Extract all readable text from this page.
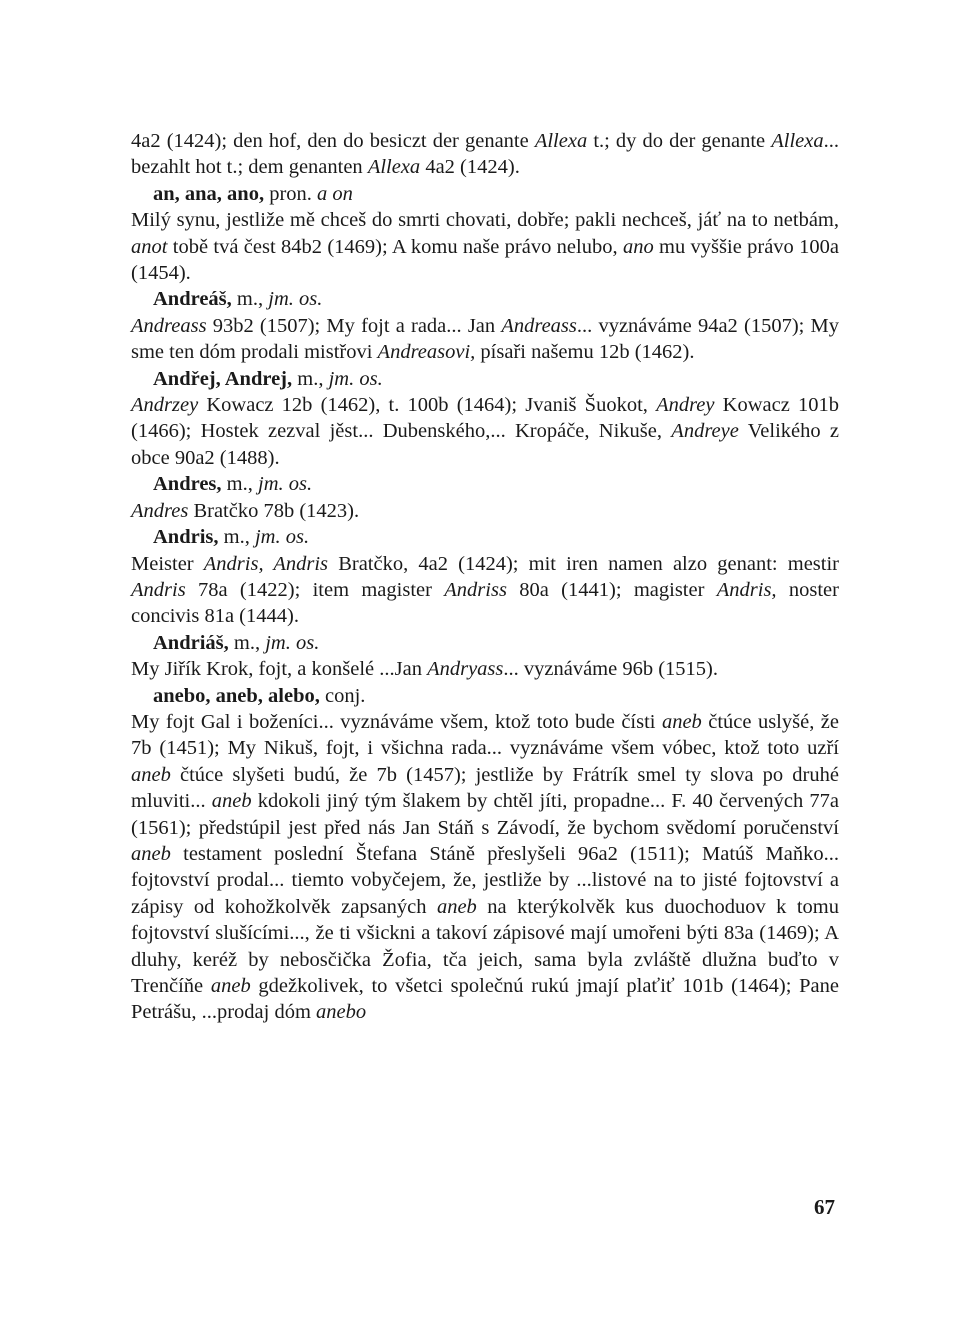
4a2 (1424); den hof, den do besiczt der genante Allexa t.; dy do der genante Allexa... bezahlt hot t.; dem genanten Allexa 4a2 (1424).

an, ana, ano, pron. a on

Milý synu, jestliže mě chceš do smrti chovati, dobře; pakli nechceš, jáť na to netbám, anot tobě tvá čest 84b2 (1469); A komu naše právo nelubo, ano mu vyššie právo 100a (1454).

Andreáš, m., jm. os.

Andreass 93b2 (1507); My fojt a rada... Jan Andreass... vyznáváme 94a2 (1507); My sme ten dóm prodali mistřovi Andreasovi, písaři našemu 12b (1462).

Andřej, Andrej, m., jm. os.

Andrzey Kowacz 12b (1462), t. 100b (1464); Jvaniš Šuokot, Andrey Kowacz 101b (1466); Hostek zezval jěst... Dubenského,... Kropáče, Nikuše, Andreye Velikého z obce 90a2 (1488).

Andres, m., jm. os.

Andres Bratčko 78b (1423).

Andris, m., jm. os.

Meister Andris, Andris Bratčko, 4a2 (1424); mit iren namen alzo genant: mestir Andris 78a (1422); item magister Andriss 80a (1441); magister Andris, noster concivis 81a (1444).

Andriáš, m., jm. os.

My Jiřík Krok, fojt, a konšelé ...Jan Andryass... vyznáváme 96b (1515).

anebo, aneb, alebo, conj.

My fojt Gal i boženíci... vyznáváme všem, ktož toto bude čísti aneb čtúce uslyšé, že 7b (1451); My Nikuš, fojt, i všichna rada... vyznáváme všem vóbec, ktož toto uzří aneb čtúce slyšeti budú, že 7b (1457); jestliže by Frátrík smel ty slova po druhé mluviti... aneb kdokoli jiný tým šlakem by chtěl jíti, propadne... F. 40 červených 77a (1561); předstúpil jest před nás Jan Stáň s Závodí, že bychom svědomí poručenství aneb testament poslední Štefana Stáně přeslyšeli 96a2 (1511); Matúš Maňko... fojtovství prodal... tiemto vobyčejem, že, jestliže by ...listové na to jisté fojtovství a zápisy od kohožkolvěk zapsaných aneb na kterýkolvěk kus duochoduov k tomu fojtovství slušícími..., že ti všickni a takoví zápisové mají umořeni býti 83a (1469); A dluhy, keréž by nebosčička Žofia, tča jeich, sama byla zvláště dlužna buďto v Trenčíňe aneb gdežkolivek, to všetci společnú rukú jmají plaťiť 101b (1464); Pane Petrášu, ...prodaj dóm anebo

67
